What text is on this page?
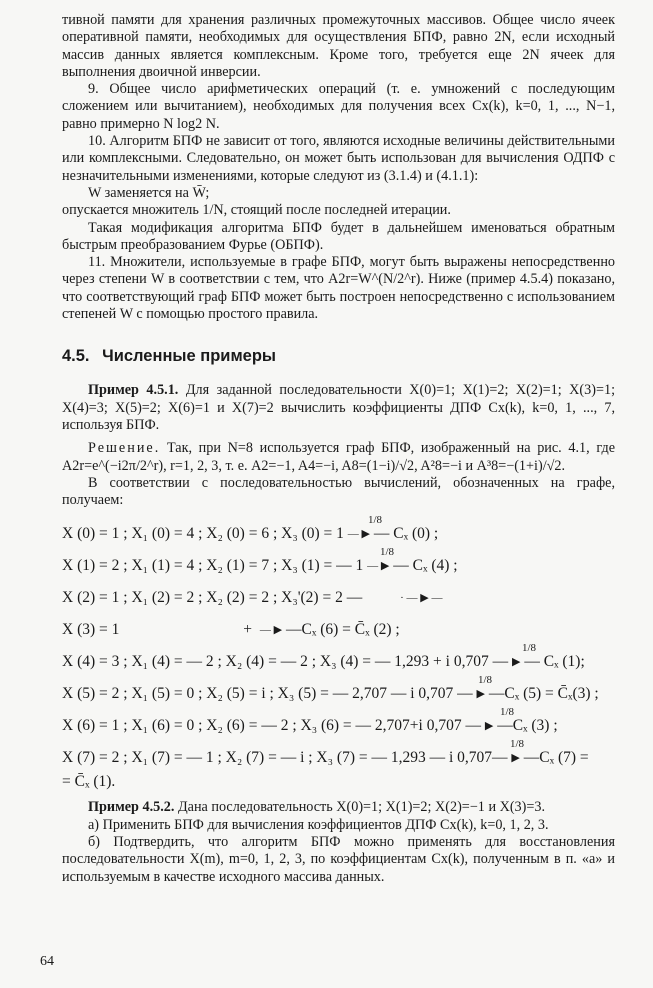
тивной памяти для хранения различных промежуточных массивов. Общее число ячеек оперативной памяти, необходимых для осуществления БПФ, равно 2N, если исходный массив данных является комплексным. Кроме того, требуется еще 2N ячеек для выполнения двоичной инверсии.

9. Общее число арифметических операций (т. е. умножений с последующим сложением или вычитанием), необходимых для получения всех Cx(k), k=0, 1, ..., N−1, равно примерно N log2 N.

10. Алгоритм БПФ не зависит от того, являются исходные величины действительными или комплексными. Следовательно, он может быть использован для вычисления ОДПФ с незначительными изменениями, которые следуют из (3.1.4) и (4.1.1):

W заменяется на W̄;

опускается множитель 1/N, стоящий после последней итерации.

Такая модификация алгоритма БПФ будет в дальнейшем именоваться обратным быстрым преобразованием Фурье (ОБПФ).

11. Множители, используемые в графе БПФ, могут быть выражены непосредственно через степени W в соответствии с тем, что A2r=W^(N/2^r). Ниже (пример 4.5.4) показано, что соответствующий граф БПФ может быть построен непосредственно с использованием степеней W с помощью простого правила.

4.5. Численные примеры

Пример 4.5.1. Для заданной последовательности X(0)=1; X(1)=2; X(2)=1; X(3)=1; X(4)=3; X(5)=2; X(6)=1 и X(7)=2 вычислить коэффициенты ДПФ Cx(k), k=0, 1, ..., 7, используя БПФ.

Решение. Так, при N=8 используется граф БПФ, изображенный на рис. 4.1, где A2r=e^(−i2π/2^r), r=1, 2, 3, т. е. A2=−1, A4=−i, A8=(1−i)/√2, A²8=−i и A³8=−(1+i)/√2.

В соответствии с последовательностью вычислений, обозначенных на графе, получаем:

X (0) = 1 ; X₁ (0) = 4 ; X₂ (0) = 6 ; X₃ (0) = 1 — ▶
1/8
— Cₓ (0) ;
X (1) = 2 ; X₁ (1) = 4 ; X₂ (1) = 7 ; X₃ (1) = — 1 — ▶
1/8
— Cₓ (4) ;
X (2) = 1 ; X₁ (2) = 2 ; X₂ (2) = 2 ; X₃'(2) = 2 —	· — ▶ —
X (3) = 1	+ — ▶ —Cₓ (6) = C̄ₓ (2) ;
X (4) = 3 ; X₁ (4) = — 2 ; X₂ (4) = — 2 ; X₃ (4) = — 1,293 + i 0,707 — ▶
1/8
— Cₓ (1);
X (5) = 2 ; X₁ (5) = 0 ; X₂ (5) = i ; X₃ (5) = — 2,707 — i 0,707 — ▶
1/8
—Cₓ (5) = C̄ₓ(3) ;
X (6) = 1 ; X₁ (6) = 0 ; X₂ (6) = — 2 ; X₃ (6) = — 2,707+i 0,707 — ▶
1/8
—Cₓ (3) ;
X (7) = 2 ; X₁ (7) = — 1 ; X₂ (7) = — i ; X₃ (7) = — 1,293 — i 0,707— ▶
1/8
—Cₓ (7) =
= C̄ₓ (1).

Пример 4.5.2. Дана последовательность X(0)=1; X(1)=2; X(2)=−1 и X(3)=3.

а) Применить БПФ для вычисления коэффициентов ДПФ Cx(k), k=0, 1, 2, 3.

б) Подтвердить, что алгоритм БПФ можно применять для восстановления последовательности X(m), m=0, 1, 2, 3, по коэффициентам Cx(k), полученным в п. «а» и используемым в качестве исходного массива данных.

64
